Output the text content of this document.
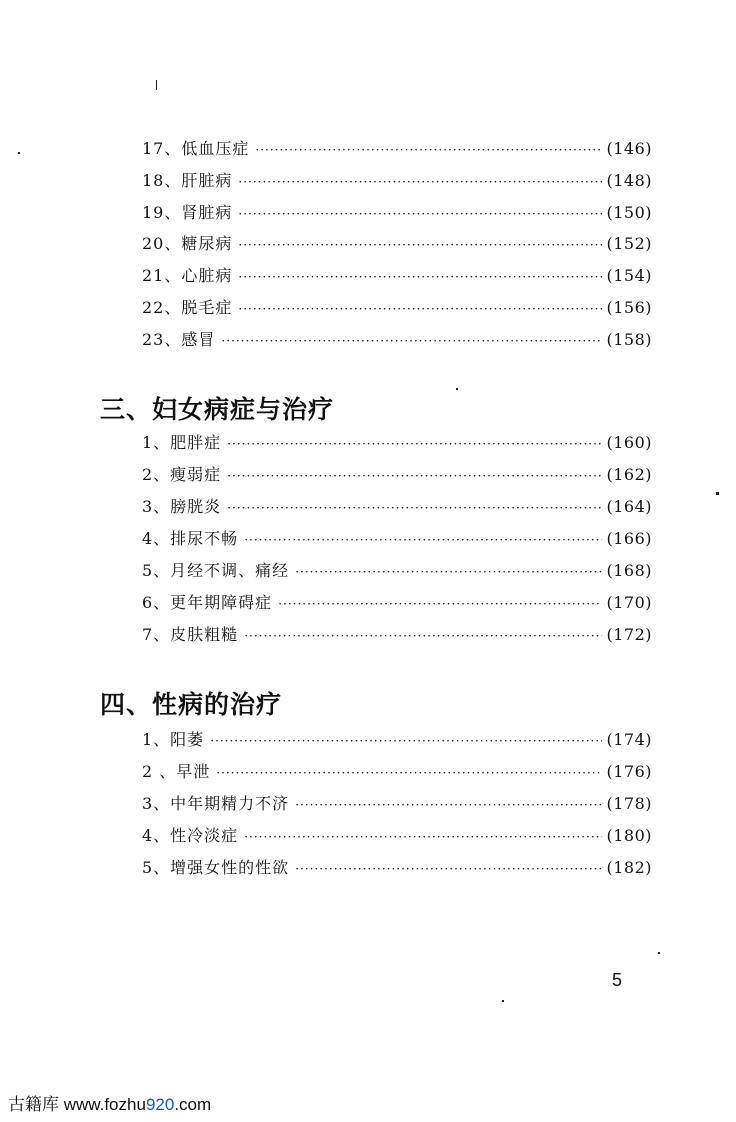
17、低血压症 ·····	(146)
18、肝脏病 ·····	(148)
19、肾脏病 ·····	(150)
20、糖尿病 ·····	(152)
21、心脏病 ·····	(154)
22、脱毛症 ·····	(156)
23、感冒 ·····	(158)
三、妇女病症与治疗
1、肥胖症 ·····	(160)
2、瘦弱症 ·····	(162)
3、膀胱炎 ·····	(164)
4、排尿不畅 ·····	(166)
5、月经不调、痛经 ·····	(168)
6、更年期障碍症 ·····	(170)
7、皮肤粗糙 ·····	(172)
四、性病的治疗
1、阳萎 ·····	(174)
2 、早泄 ·····	(176)
3、中年期精力不济 ·····	(178)
4、性冷淡症 ·····	(180)
5、增强女性的性欲 ·····	(182)
5
古籍库 www.fozhu920.com
